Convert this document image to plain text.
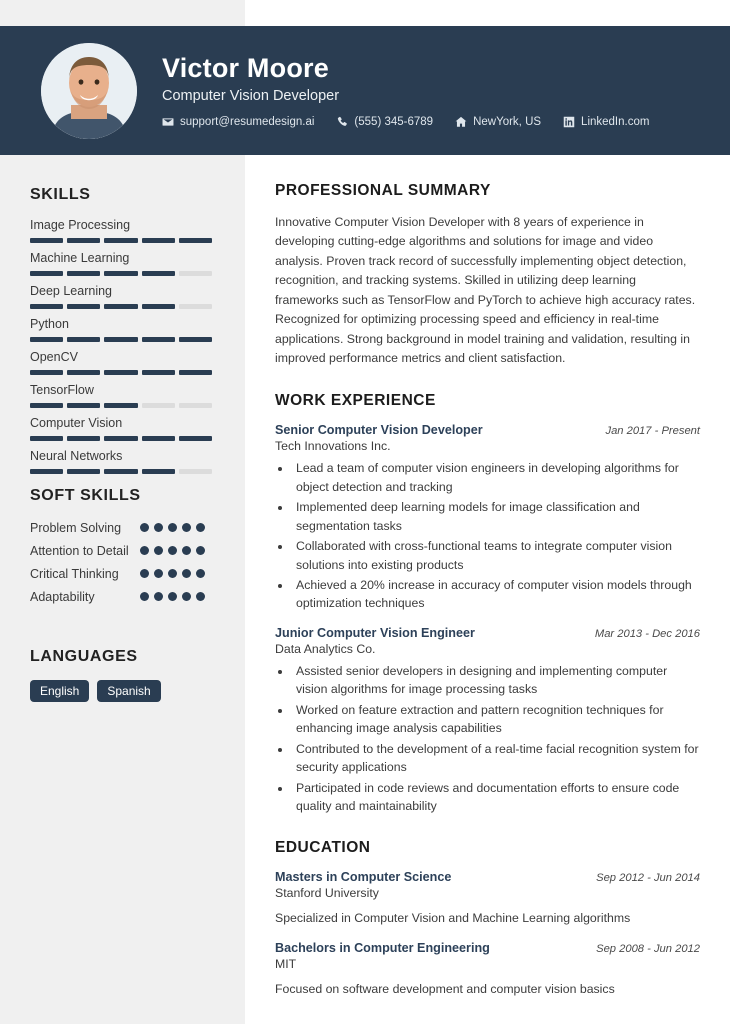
Victor Moore
Computer Vision Developer
support@resumedesign.ai	(555) 345-6789	NewYork, US	LinkedIn.com
SKILLS
Image Processing
Machine Learning
Deep Learning
Python
OpenCV
TensorFlow
Computer Vision
Neural Networks
SOFT SKILLS
Problem Solving
Attention to Detail
Critical Thinking
Adaptability
LANGUAGES
English	Spanish
PROFESSIONAL SUMMARY
Innovative Computer Vision Developer with 8 years of experience in developing cutting-edge algorithms and solutions for image and video analysis. Proven track record of successfully implementing object detection, recognition, and tracking systems. Skilled in utilizing deep learning frameworks such as TensorFlow and PyTorch to achieve high accuracy rates. Recognized for optimizing processing speed and efficiency in real-time applications. Strong background in model training and validation, resulting in improved performance metrics and client satisfaction.
WORK EXPERIENCE
Senior Computer Vision Developer	Jan 2017 - Present
Tech Innovations Inc.
• Lead a team of computer vision engineers in developing algorithms for object detection and tracking
• Implemented deep learning models for image classification and segmentation tasks
• Collaborated with cross-functional teams to integrate computer vision solutions into existing products
• Achieved a 20% increase in accuracy of computer vision models through optimization techniques
Junior Computer Vision Engineer	Mar 2013 - Dec 2016
Data Analytics Co.
• Assisted senior developers in designing and implementing computer vision algorithms for image processing tasks
• Worked on feature extraction and pattern recognition techniques for enhancing image analysis capabilities
• Contributed to the development of a real-time facial recognition system for security applications
• Participated in code reviews and documentation efforts to ensure code quality and maintainability
EDUCATION
Masters in Computer Science	Sep 2012 - Jun 2014
Stanford University
Specialized in Computer Vision and Machine Learning algorithms
Bachelors in Computer Engineering	Sep 2008 - Jun 2012
MIT
Focused on software development and computer vision basics
